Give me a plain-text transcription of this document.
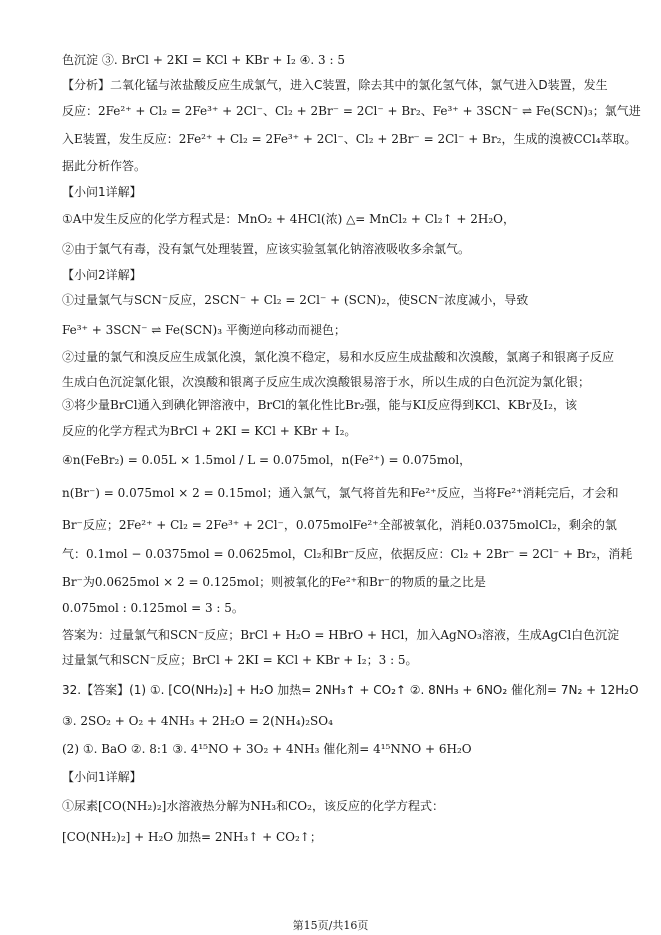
色沉淀 ③. BrCl + 2KI = KCl + KBr + I₂ ④. 3 : 5
【分析】二氧化锰与浓盐酸反应生成氯气，进入C装置，除去其中的氯化氢气体，氯气进入D装置，发生
反应：2Fe²⁺ + Cl₂ = 2Fe³⁺ + 2Cl⁻、Cl₂ + 2Br⁻ = 2Cl⁻ + Br₂、Fe³⁺ + 3SCN⁻ ⇌ Fe(SCN)₃；氯气进
入E装置，发生反应：2Fe²⁺ + Cl₂ = 2Fe³⁺ + 2Cl⁻、Cl₂ + 2Br⁻ = 2Cl⁻ + Br₂，生成的溴被CCl₄萃取。
据此分析作答。
【小问1详解】
①A中发生反应的化学方程式是：MnO₂ + 4HCl(浓) △= MnCl₂ + Cl₂↑ + 2H₂O，
②由于氯气有毒，没有氯气处理装置，应该实验氢氧化钠溶液吸收多余氯气。
【小问2详解】
①过量氯气与SCN⁻反应，2SCN⁻ + Cl₂ = 2Cl⁻ + (SCN)₂，使SCN⁻浓度减小，导致
Fe³⁺ + 3SCN⁻ ⇌ Fe(SCN)₃ 平衡逆向移动而褪色；
②过量的氯气和溴反应生成氯化溴，氯化溴不稳定，易和水反应生成盐酸和次溴酸，氯离子和银离子反应
生成白色沉淀氯化银，次溴酸和银离子反应生成次溴酸银易溶于水，所以生成的白色沉淀为氯化银；
③将少量BrCl通入到碘化钾溶液中，BrCl的氧化性比Br₂强，能与KI反应得到KCl、KBr及I₂，该
反应的化学方程式为BrCl + 2KI = KCl + KBr + I₂。
④n(FeBr₂) = 0.05L × 1.5mol / L = 0.075mol，n(Fe²⁺) = 0.075mol，
n(Br⁻) = 0.075mol × 2 = 0.15mol；通入氯气，氯气将首先和Fe²⁺反应，当将Fe²⁺消耗完后，才会和
Br⁻反应；2Fe²⁺ + Cl₂ = 2Fe³⁺ + 2Cl⁻，0.075molFe²⁺全部被氧化，消耗0.0375molCl₂，剩余的氯
气：0.1mol − 0.0375mol = 0.0625mol，Cl₂和Br⁻反应，依据反应：Cl₂ + 2Br⁻ = 2Cl⁻ + Br₂，消耗
Br⁻为0.0625mol × 2 = 0.125mol；则被氧化的Fe²⁺和Br⁻的物质的量之比是
0.075mol : 0.125mol = 3 : 5。
答案为：过量氯气和SCN⁻反应；BrCl + H₂O = HBrO + HCl，加入AgNO₃溶液，生成AgCl白色沉淀
过量氯气和SCN⁻反应；BrCl + 2KI = KCl + KBr + I₂；3 : 5。
32.【答案】(1) ①. [CO(NH₂)₂] + H₂O 加热= 2NH₃↑ + CO₂↑ ②. 8NH₃ + 6NO₂ 催化剂= 7N₂ + 12H₂O
③. 2SO₂ + O₂ + 4NH₃ + 2H₂O = 2(NH₄)₂SO₄
(2) ①. BaO ②. 8:1 ③. 4¹⁵NO + 3O₂ + 4NH₃ 催化剂= 4¹⁵NNO + 6H₂O
【小问1详解】
①尿素[CO(NH₂)₂]水溶液热分解为NH₃和CO₂，该反应的化学方程式：
[CO(NH₂)₂] + H₂O 加热= 2NH₃↑ + CO₂↑；
第15页/共16页
